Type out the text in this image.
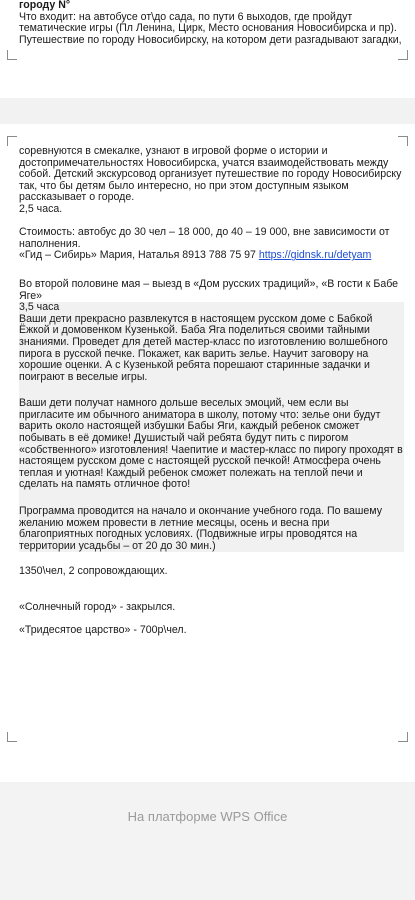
городу N°

Что входит: на автобусе от\до сада, по пути 6 выходов, где пройдут тематические игры (Пл Ленина, Цирк, Место основания Новосибирска и пр).

Путешествие по городу Новосибирску, на котором дети разгадывают загадки,

соревнуются в смекалке, узнают в игровой форме о истории и достопримечательностях Новосибирска, учатся взаимодействовать между собой. Детский экскурсовод организует путешествие по городу Новосибирску так, что бы детям было интересно, но при этом доступным языком рассказывает о городе.

2,5 часа.

Стоимость: автобус до 30 чел – 18 000, до 40 – 19 000, вне зависимости от наполнения.

«Гид – Сибирь» Мария, Наталья 8913 788 75 97 https://gidnsk.ru/detyam

Во второй половине мая – выезд в «Дом русских традиций», «В гости к Бабе Яге»

3,5 часа

Ваши дети прекрасно развлекутся в настоящем русском доме с Бабкой Ёжкой и домовенком Кузенькой. Баба Яга поделиться своими тайными знаниями. Проведет для детей мастер-класс по изготовлению волшебного пирога в русской печке. Покажет, как варить зелье. Научит заговору на хорошие оценки. А с Кузенькой ребята порешают старинные задачки и поиграют в веселые игры.

Ваши дети получат намного дольше веселых эмоций, чем если вы пригласите им обычного аниматора в школу, потому что: зелье они будут варить около настоящей избушки Бабы Яги, каждый ребенок сможет побывать в её домике! Душистый чай ребята будут пить с пирогом «собственного» изготовления! Чаепитие и мастер-класс по пирогу проходят в настоящем русском доме с настоящей русской печкой! Атмосфера очень теплая и уютная! Каждый ребенок сможет полежать на теплой печи и сделать на память отличное фото!

Программа проводится на начало и окончание учебного года. По вашему желанию можем провести в летние месяцы, осень и весна при благоприятных погодных условиях. (Подвижные игры проводятся на территории усадьбы – от 20 до 30 мин.)

1350\чел, 2 сопровождающих.

«Солнечный город» - закрылся.

«Тридесятое царство» - 700р\чел.

На платформе WPS Office
